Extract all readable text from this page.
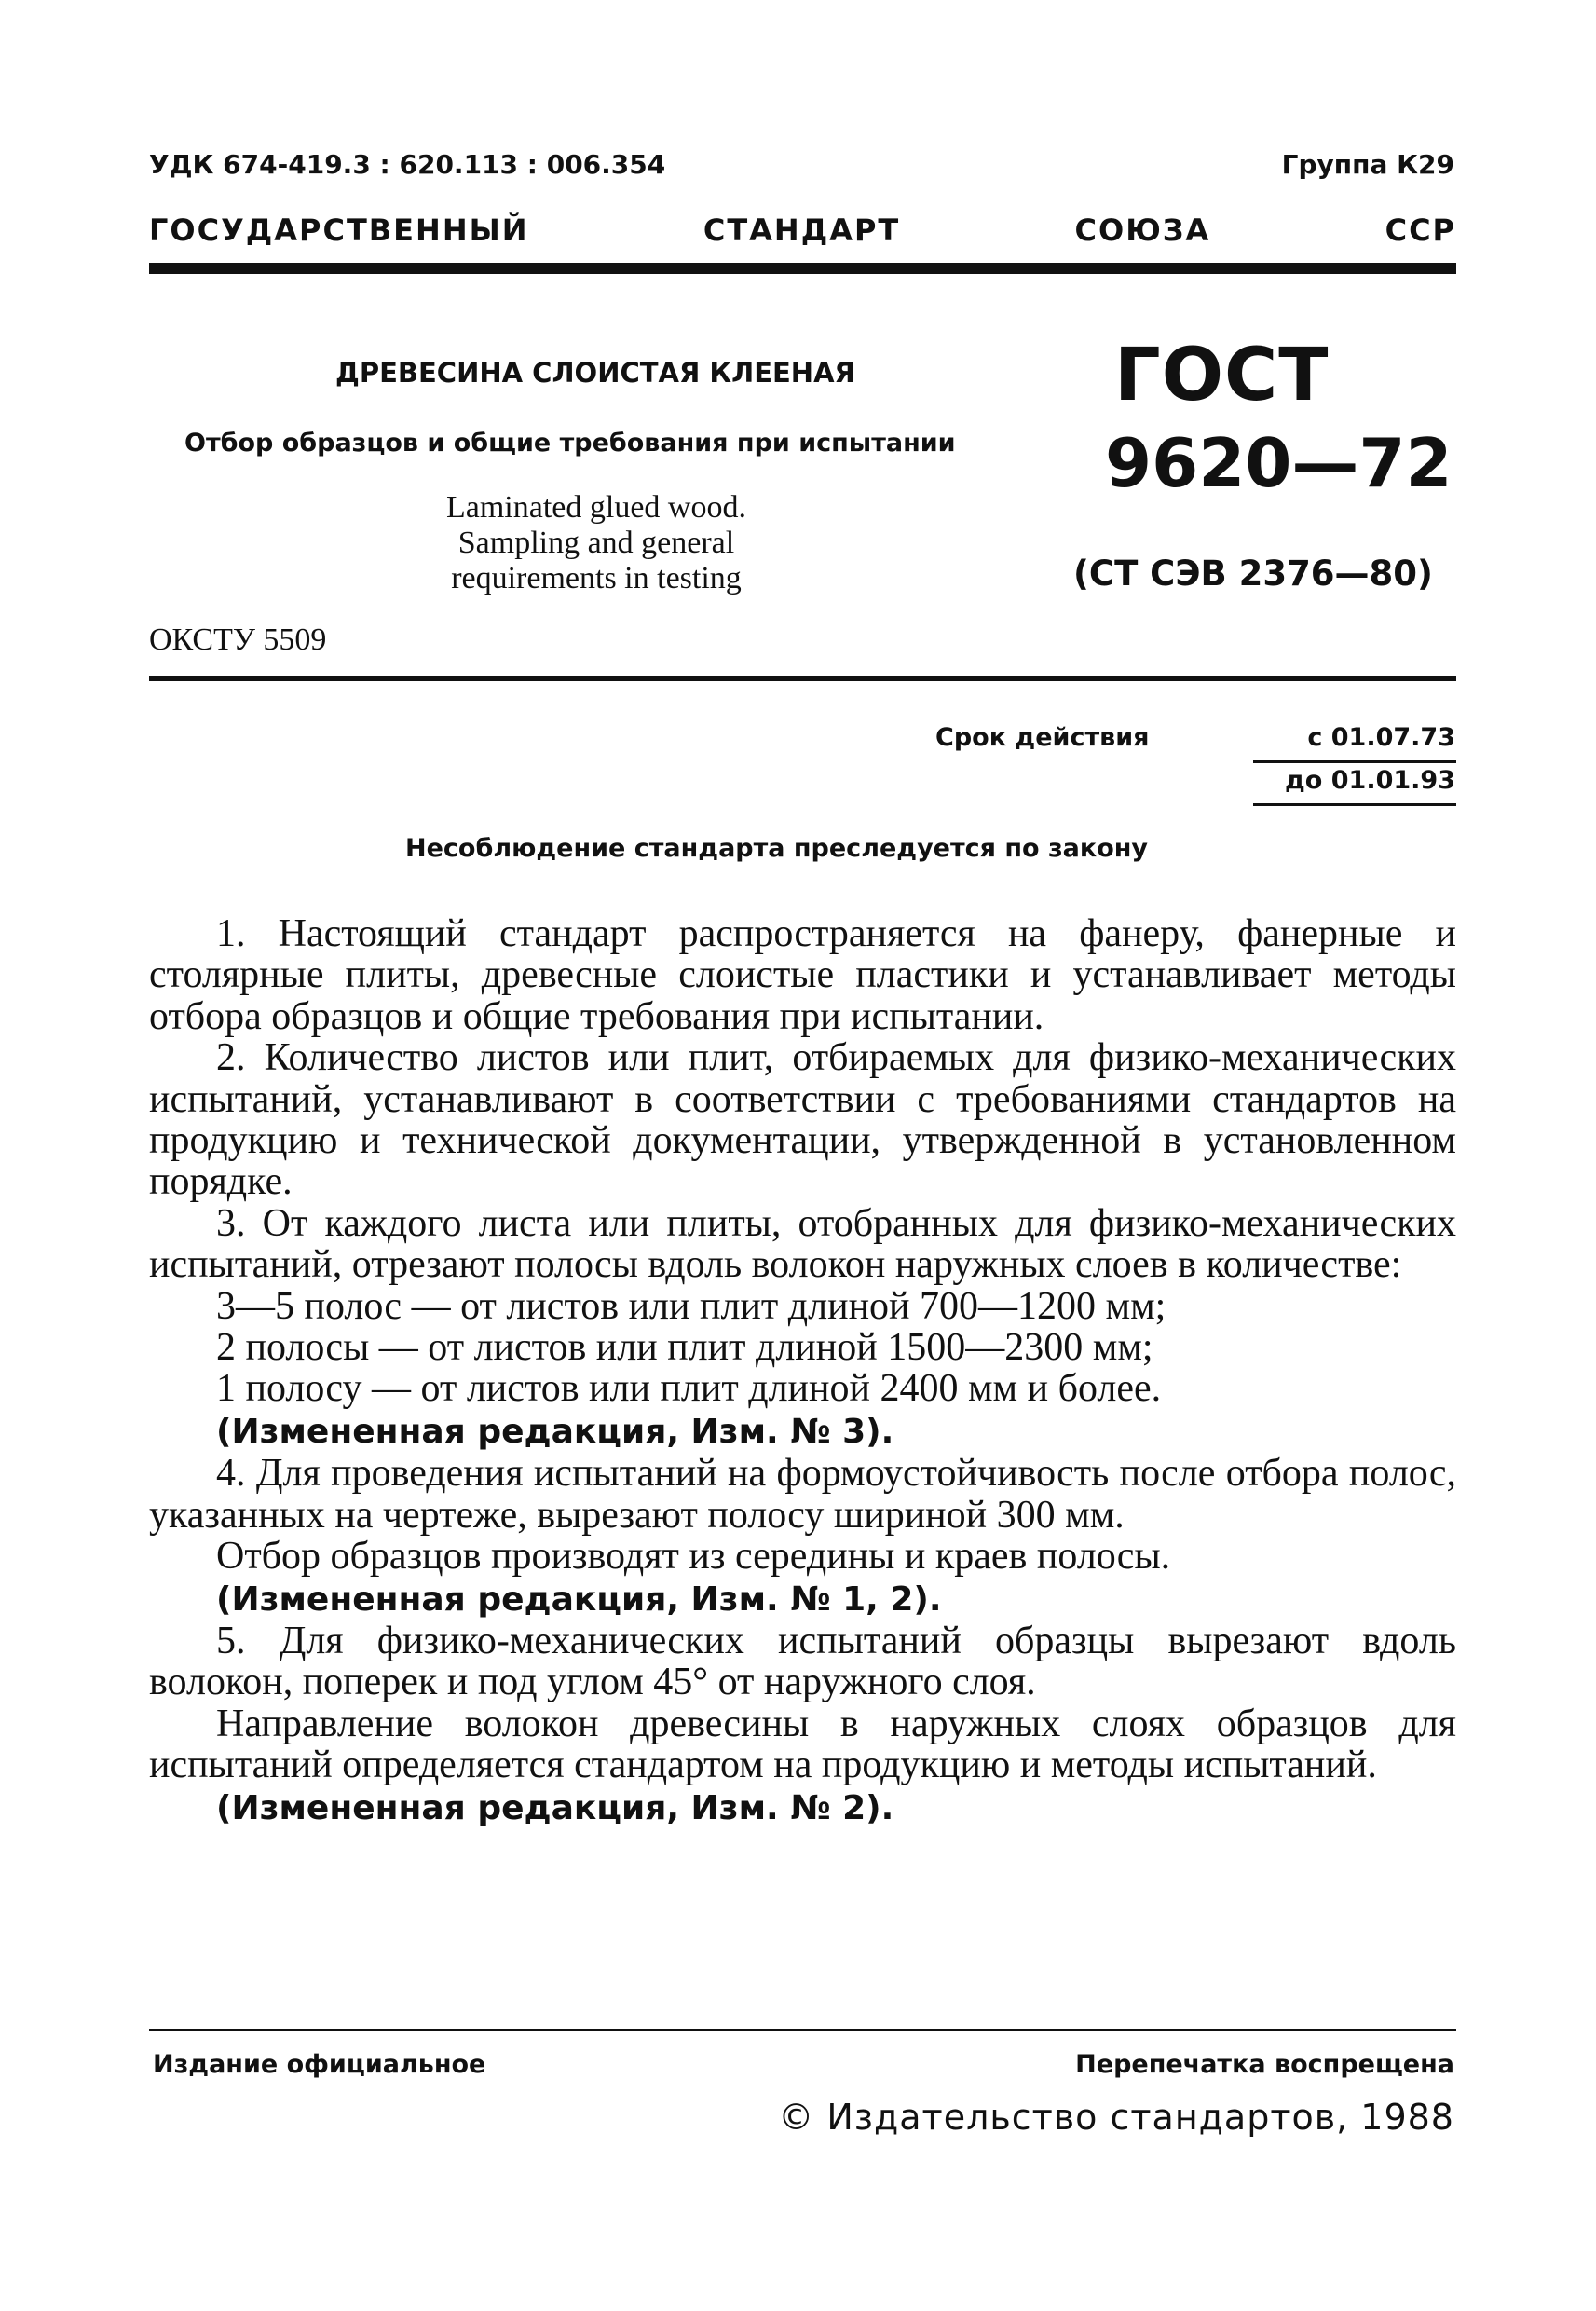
УДК 674-419.3 : 620.113 : 006.354	Группа К29
ГОСУДАРСТВЕННЫЙ	СТАНДАРТ	СОЮЗА	ССР
ДРЕВЕСИНА СЛОИСТАЯ КЛЕЕНАЯ
Отбор образцов и общие требования при испытании
Laminated glued wood.
Sampling and general
requirements in testing
ГОСТ
9620—72
(СТ СЭВ 2376—80)
ОКСТУ 5509
Срок действия	с 01.07.73
до 01.01.93
Несоблюдение стандарта преследуется по закону

1. Настоящий стандарт распространяется на фанеру, фанерные и столярные плиты, древесные слоистые пластики и устанавливает методы отбора образцов и общие требования при испытании.

2. Количество листов или плит, отбираемых для физико-механических испытаний, устанавливают в соответствии с требованиями стандартов на продукцию и технической документации, утвержденной в установленном порядке.

3. От каждого листа или плиты, отобранных для физико-механических испытаний, отрезают полосы вдоль волокон наружных слоев в количестве:

3—5 полос — от листов или плит длиной 700—1200 мм;

2 полосы — от листов или плит длиной 1500—2300 мм;

1 полосу — от листов или плит длиной 2400 мм и более.

(Измененная редакция, Изм. № 3).

4. Для проведения испытаний на формоустойчивость после отбора полос, указанных на чертеже, вырезают полосу шириной 300 мм.

Отбор образцов производят из середины и краев полосы.

(Измененная редакция, Изм. № 1, 2).

5. Для физико-механических испытаний образцы вырезают вдоль волокон, поперек и под углом 45° от наружного слоя.

Направление волокон древесины в наружных слоях образцов для испытаний определяется стандартом на продукцию и методы испытаний.

(Измененная редакция, Изм. № 2).

Издание официальное	Перепечатка воспрещена
© Издательство стандартов, 1988
